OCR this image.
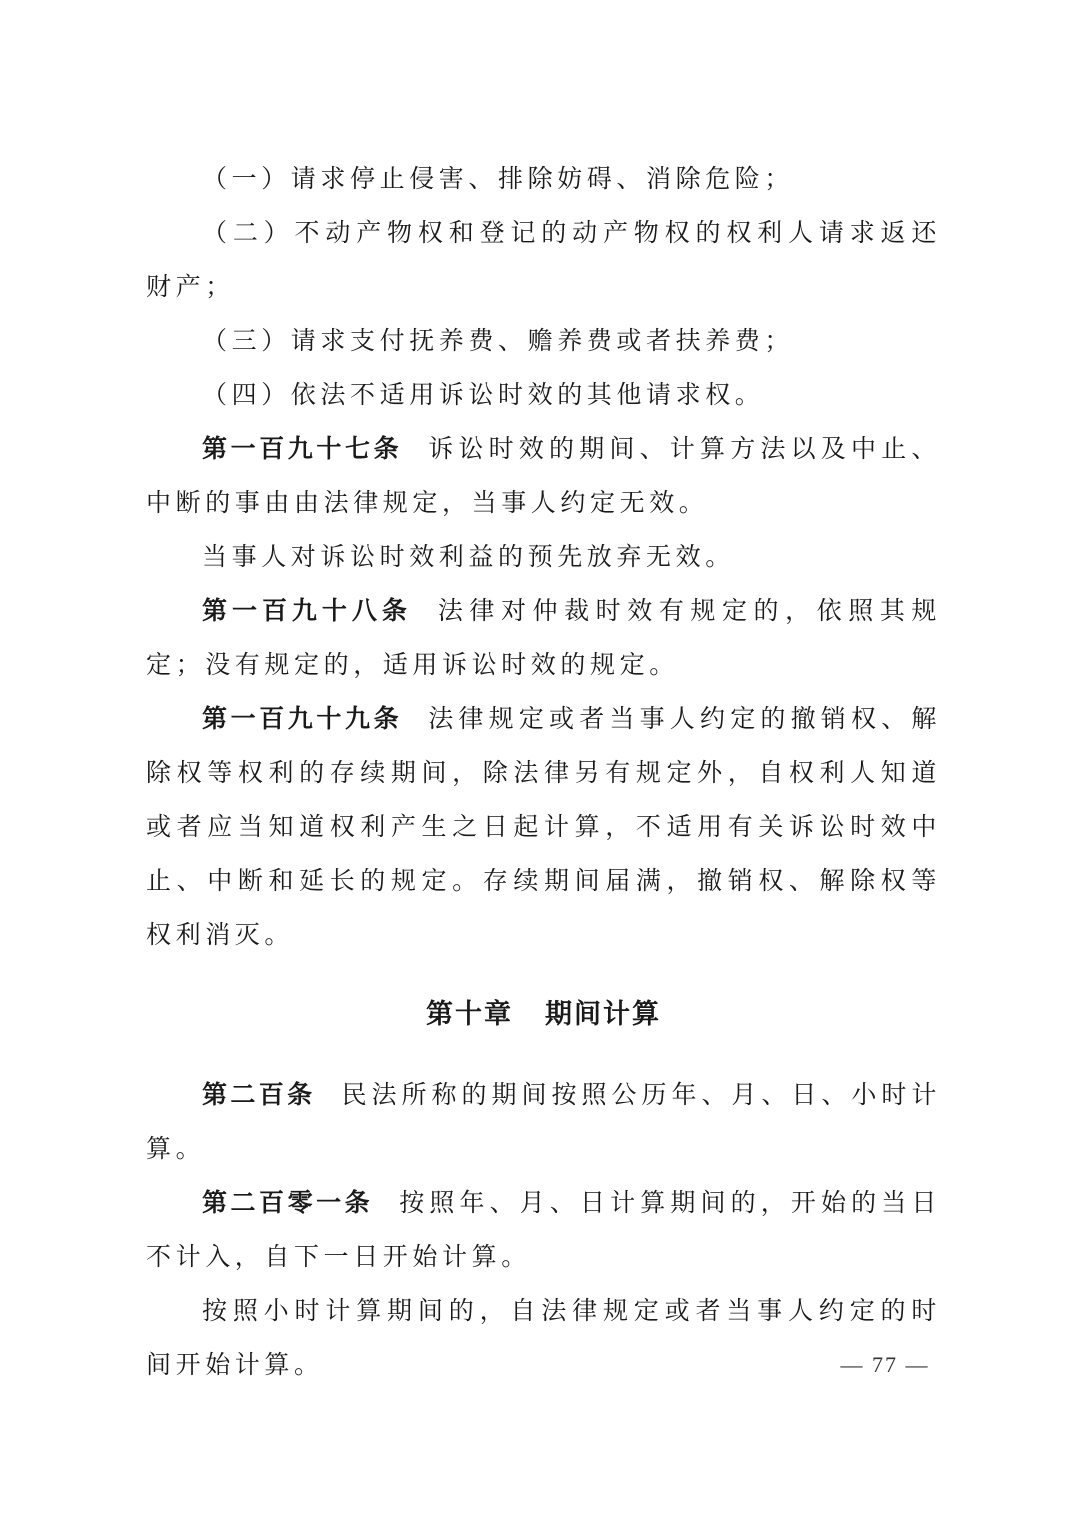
（一）请求停止侵害、排除妨碍、消除危险；

（二）不动产物权和登记的动产物权的权利人请求返还财产；

（三）请求支付抚养费、赡养费或者扶养费；

（四）依法不适用诉讼时效的其他请求权。

第一百九十七条 诉讼时效的期间、计算方法以及中止、中断的事由由法律规定，当事人约定无效。

当事人对诉讼时效利益的预先放弃无效。

第一百九十八条 法律对仲裁时效有规定的，依照其规定；没有规定的，适用诉讼时效的规定。

第一百九十九条 法律规定或者当事人约定的撤销权、解除权等权利的存续期间，除法律另有规定外，自权利人知道或者应当知道权利产生之日起计算，不适用有关诉讼时效中止、中断和延长的规定。存续期间届满，撤销权、解除权等权利消灭。

第十章 期间计算

第二百条 民法所称的期间按照公历年、月、日、小时计算。

第二百零一条 按照年、月、日计算期间的，开始的当日不计入，自下一日开始计算。

按照小时计算期间的，自法律规定或者当事人约定的时间开始计算。	— 77 —
